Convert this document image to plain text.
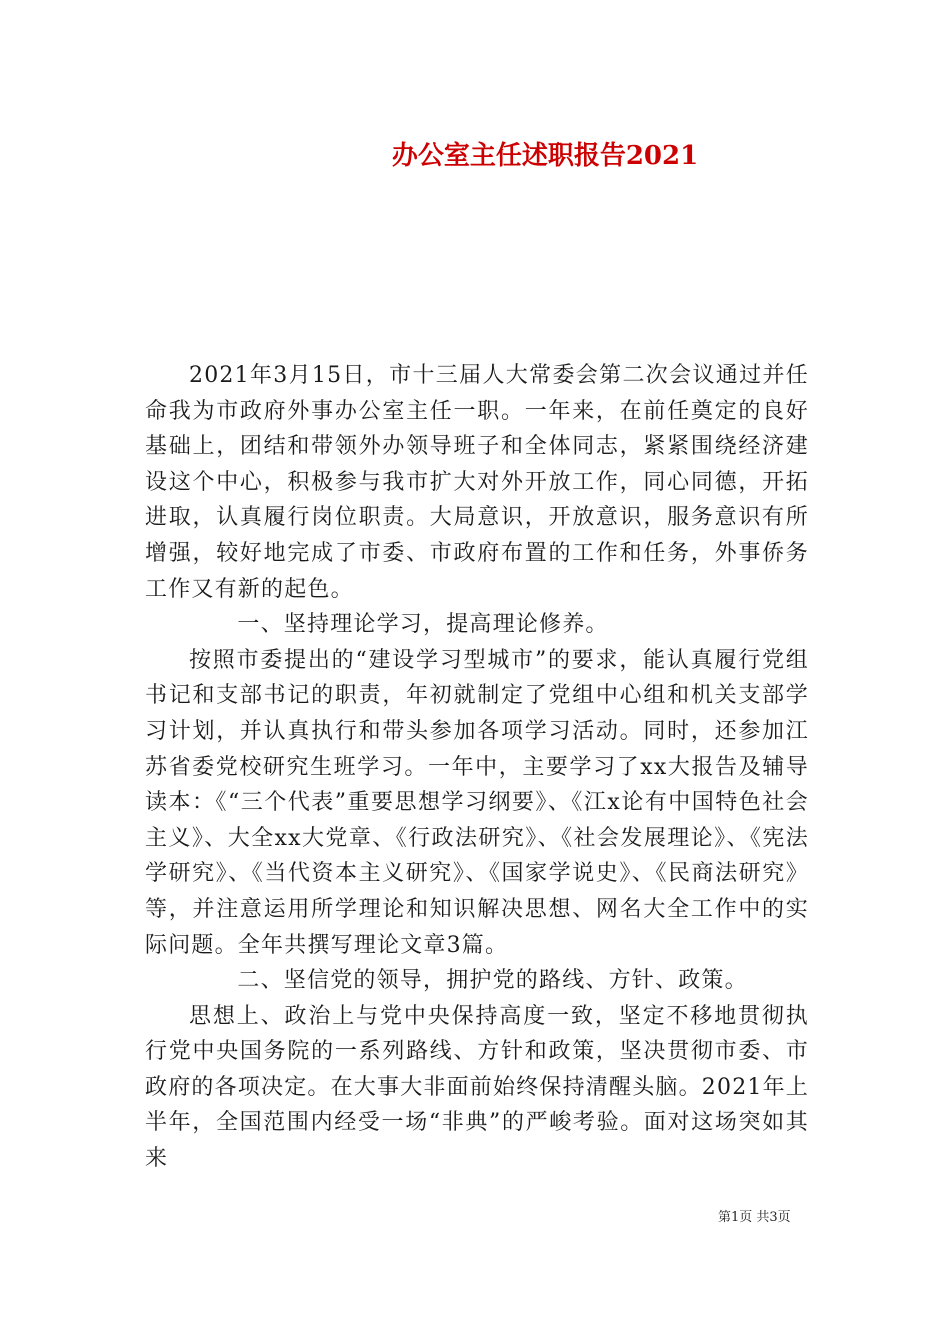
办公室主任述职报告2021

2021年3月15日，市十三届人大常委会第二次会议通过并任命我为市政府外事办公室主任一职。一年来，在前任奠定的良好基础上，团结和带领外办领导班子和全体同志，紧紧围绕经济建设这个中心，积极参与我市扩大对外开放工作，同心同德，开拓进取，认真履行岗位职责。大局意识，开放意识，服务意识有所增强，较好地完成了市委、市政府布置的工作和任务，外事侨务工作又有新的起色。

一、坚持理论学习，提高理论修养。

按照市委提出的“建设学习型城市”的要求，能认真履行党组书记和支部书记的职责，年初就制定了党组中心组和机关支部学习计划，并认真执行和带头参加各项学习活动。同时，还参加江苏省委党校研究生班学习。一年中，主要学习了xx大报告及辅导读本：《“三个代表”重要思想学习纲要》、《江x论有中国特色社会主义》、大全xx大党章、《行政法研究》、《社会发展理论》、《宪法学研究》、《当代资本主义研究》、《国家学说史》、《民商法研究》等，并注意运用所学理论和知识解决思想、网名大全工作中的实际问题。全年共撰写理论文章3篇。

二、坚信党的领导，拥护党的路线、方针、政策。

思想上、政治上与党中央保持高度一致，坚定不移地贯彻执行党中央国务院的一系列路线、方针和政策，坚决贯彻市委、市政府的各项决定。在大事大非面前始终保持清醒头脑。2021年上半年，全国范围内经受一场“非典”的严峻考验。面对这场突如其来

第1页 共3页
